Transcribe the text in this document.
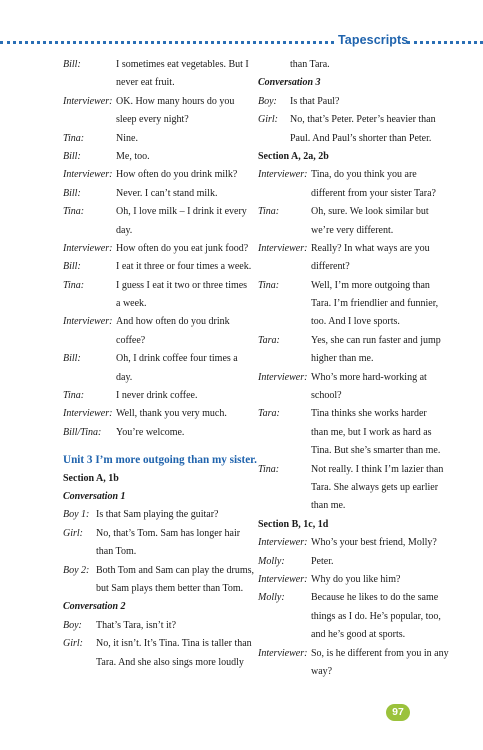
Tapescripts
Bill:	I sometimes eat vegetables. But I
never eat fruit.
Interviewer: OK. How many hours do you
sleep every night?
Tina:	Nine.
Bill:	Me, too.
Interviewer: How often do you drink milk?
Bill:	Never. I can’t stand milk.
Tina:	Oh, I love milk – I drink it every
day.
Interviewer: How often do you eat junk food?
Bill:	I eat it three or four times a week.
Tina:	I guess I eat it two or three times
a week.
Interviewer: And how often do you drink
coffee?
Bill:	Oh, I drink coffee four times a
day.
Tina:	I never drink coffee.
Interviewer: Well, thank you very much.
Bill/Tina: You’re welcome.
Unit 3 I’m more outgoing than my sister.
Section A, 1b
Conversation 1
Boy 1: Is that Sam playing the guitar?
Girl: No, that’s Tom. Sam has longer hair
than Tom.
Boy 2: Both Tom and Sam can play the drums,
but Sam plays them better than Tom.
Conversation 2
Boy: That’s Tara, isn’t it?
Girl: No, it isn’t. It’s Tina. Tina is taller than
Tara. And she also sings more loudly
than Tara.
Conversation 3
Boy: Is that Paul?
Girl: No, that’s Peter. Peter’s heavier than
Paul. And Paul’s shorter than Peter.
Section A, 2a, 2b
Interviewer: Tina, do you think you are
different from your sister Tara?
Tina:	Oh, sure. We look similar but
we’re very different.
Interviewer: Really? In what ways are you
different?
Tina:	Well, I’m more outgoing than
Tara. I’m friendlier and funnier,
too. And I love sports.
Tara:	Yes, she can run faster and jump
higher than me.
Interviewer: Who’s more hard-working at
school?
Tara:	Tina thinks she works harder
than me, but I work as hard as
Tina. But she’s smarter than me.
Tina:	Not really. I think I’m lazier than
Tara. She always gets up earlier
than me.
Section B, 1c, 1d
Interviewer: Who’s your best friend, Molly?
Molly:	Peter.
Interviewer: Why do you like him?
Molly:	Because he likes to do the same
things as I do. He’s popular, too,
and he’s good at sports.
Interviewer: So, is he different from you in any
way?
97
